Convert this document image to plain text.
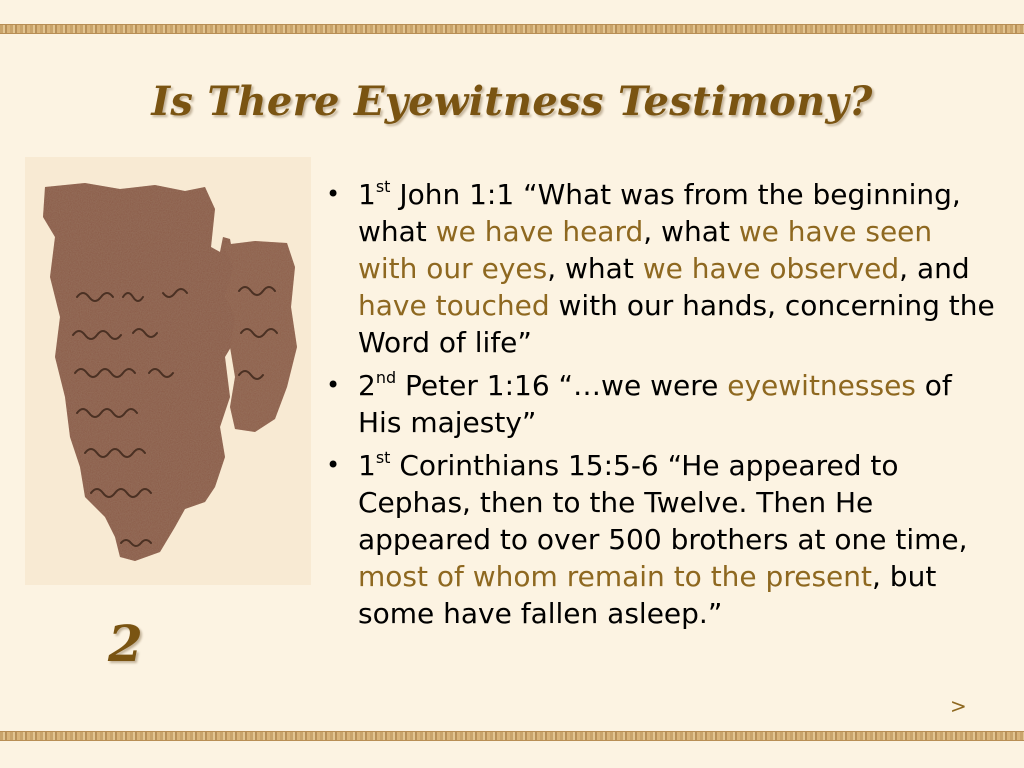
Is There Eyewitness Testimony?
2
• 1st John 1:1 “What was from the beginning, what we have heard, what we have seen with our eyes, what we have observed, and have touched with our hands, concerning the Word of life”
• 2nd Peter 1:16 “…we were eyewitnesses of His majesty”
• 1st Corinthians 15:5-6 “He appeared to Cephas, then to the Twelve. Then He appeared to over 500 brothers at one time, most of whom remain to the present, but some have fallen asleep.”
>
